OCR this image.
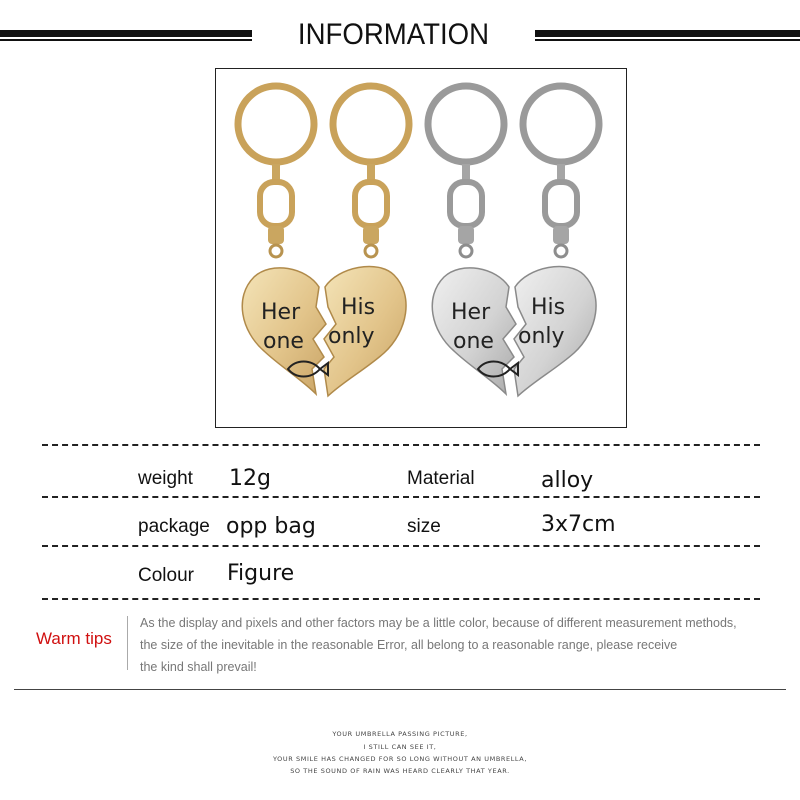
INFORMATION
Her
one
His
only
Her
one
His
only
weight 12g	Material	alloy
package opp bag	size	3x7cm
Colour Figure
Warm tips
As the display and pixels and other factors may be a little color, because of different measurement methods,
the size of the inevitable in the reasonable Error, all belong to a reasonable range, please receive
the kind shall prevail!
YOUR UMBRELLA PASSING PICTURE,
I STILL CAN SEE IT,
YOUR SMILE HAS CHANGED FOR SO LONG WITHOUT AN UMBRELLA,
SO THE SOUND OF RAIN WAS HEARD CLEARLY THAT YEAR.
